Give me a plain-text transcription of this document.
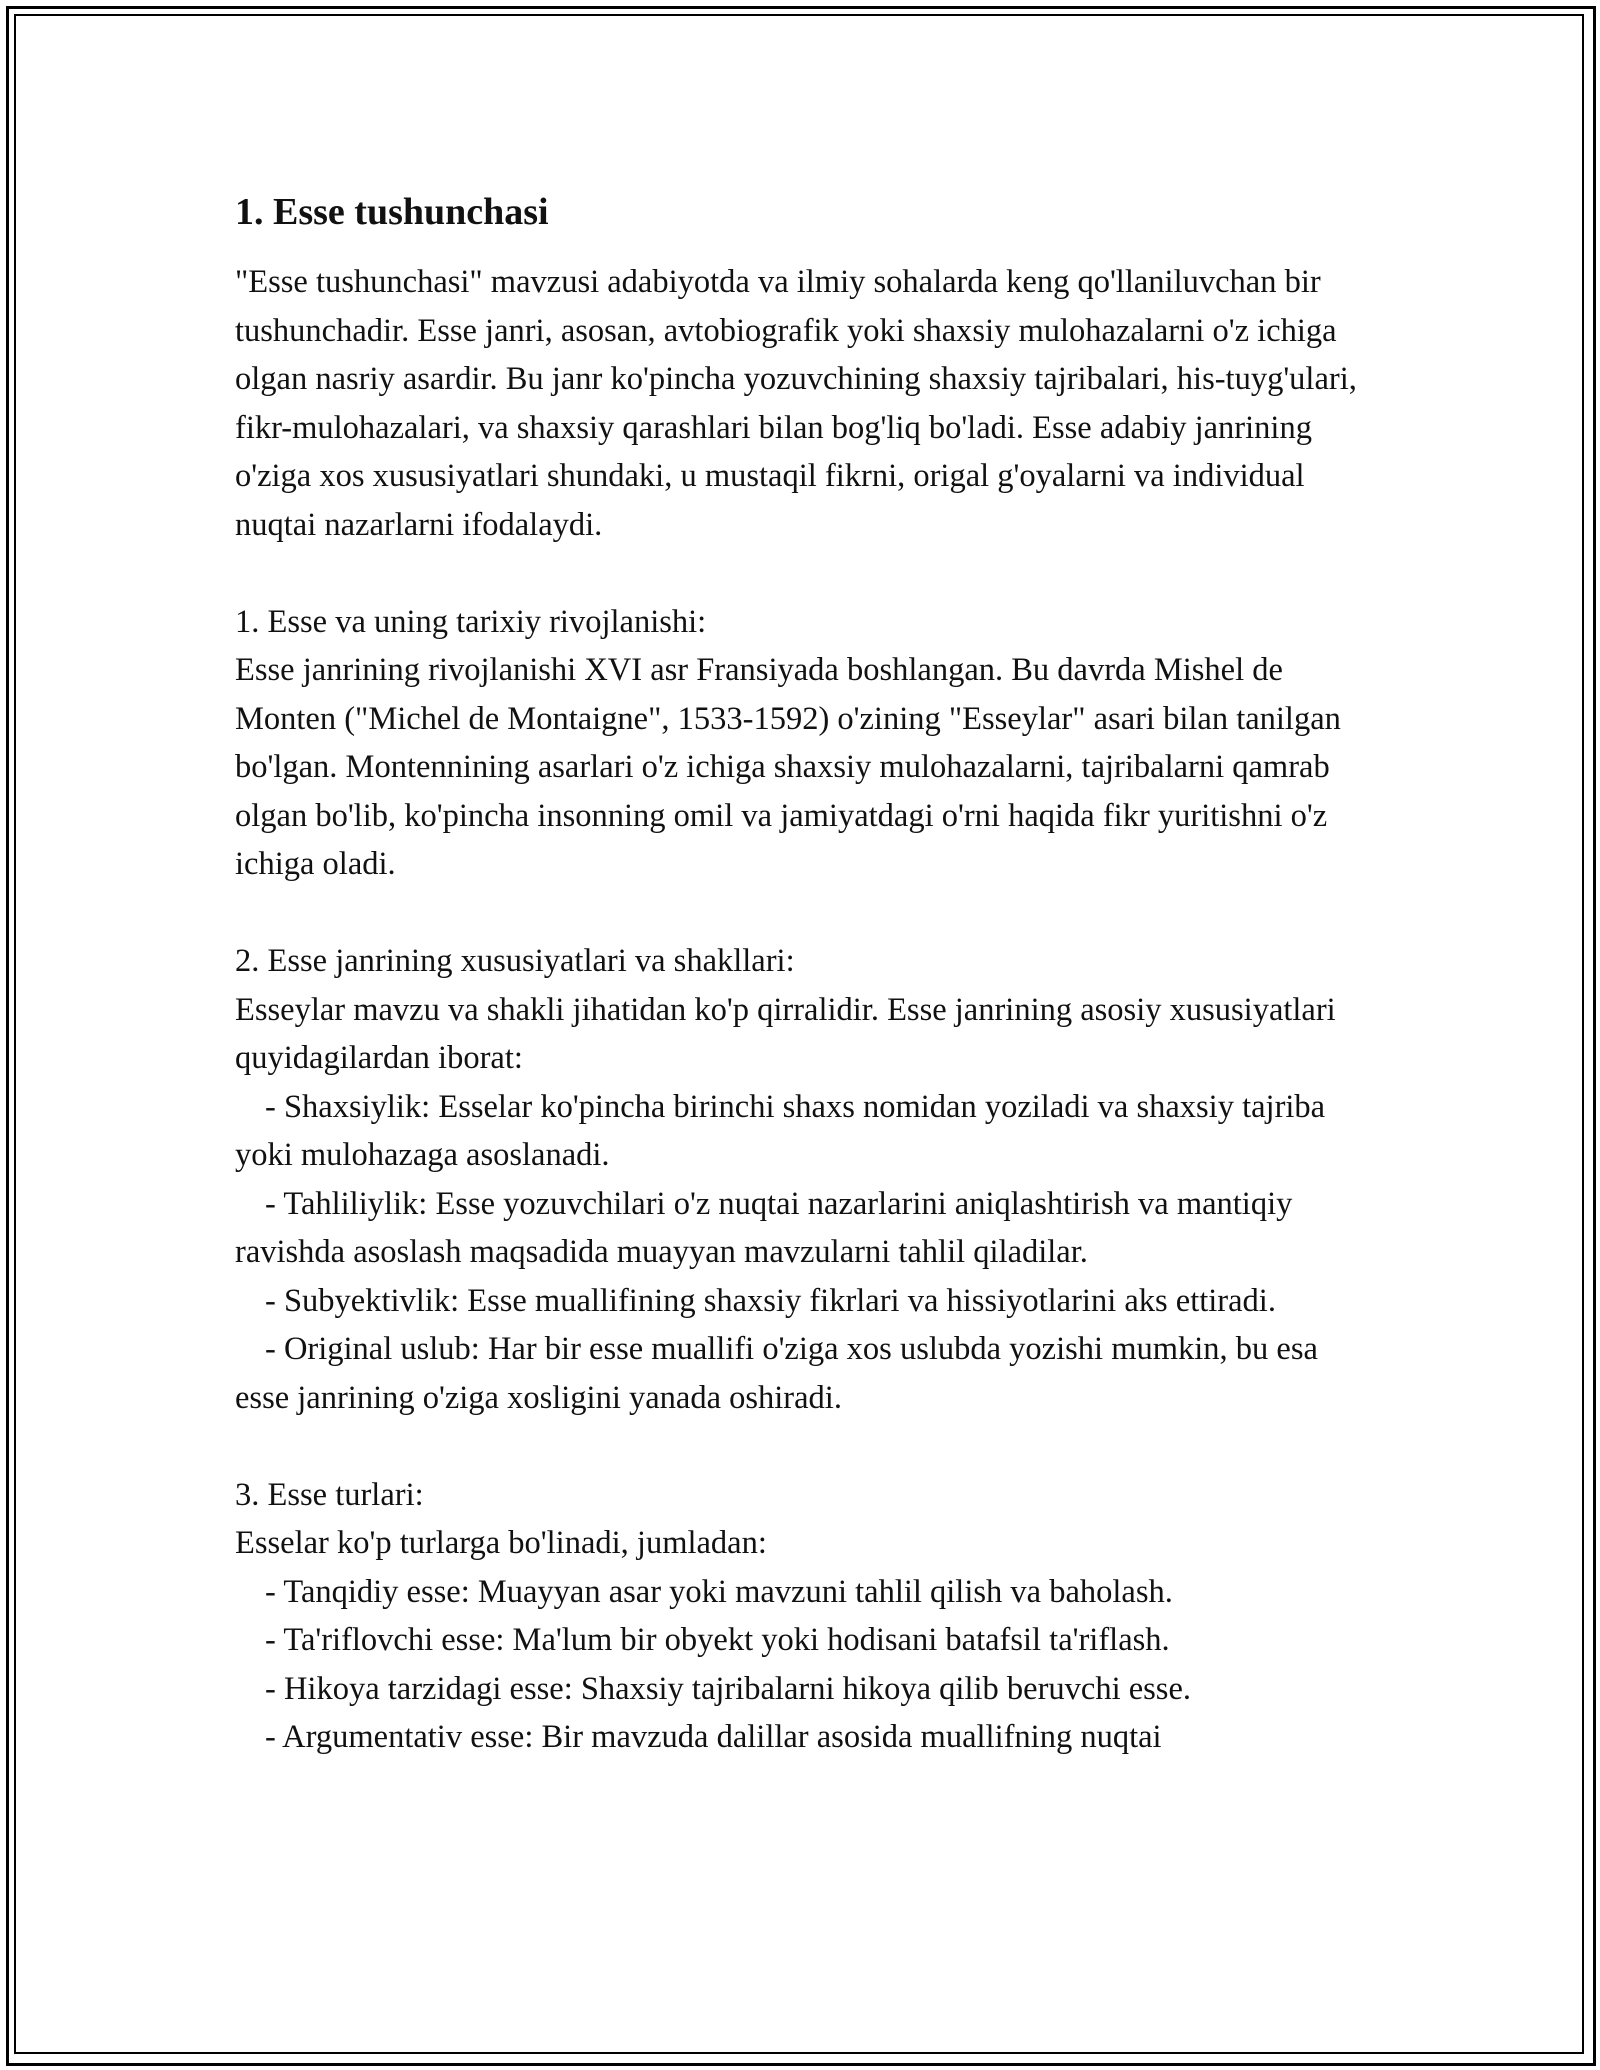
1. Esse tushunchasi

"Esse tushunchasi" mavzusi adabiyotda va ilmiy sohalarda keng qo'llaniluvchan bir tushunchadir. Esse janri, asosan, avtobiografik yoki shaxsiy mulohazalarni o'z ichiga olgan nasriy asardir. Bu janr ko'pincha yozuvchining shaxsiy tajribalari, his-tuyg'ulari, fikr-mulohazalari, va shaxsiy qarashlari bilan bog'liq bo'ladi. Esse adabiy janrining o'ziga xos xususiyatlari shundaki, u mustaqil fikrni, origal g'oyalarni va individual nuqtai nazarlarni ifodalaydi.

1. Esse va uning tarixiy rivojlanishi:

Esse janrining rivojlanishi XVI asr Fransiyada boshlangan. Bu davrda Mishel de Monten ("Michel de Montaigne", 1533-1592) o'zining "Esseylar" asari bilan tanilgan bo'lgan. Montennining asarlari o'z ichiga shaxsiy mulohazalarni, tajribalarni qamrab olgan bo'lib, ko'pincha insonning omil va jamiyatdagi o'rni haqida fikr yuritishni o'z ichiga oladi.

2. Esse janrining xususiyatlari va shakllari:

Esseylar mavzu va shakli jihatidan ko'p qirralidir. Esse janrining asosiy xususiyatlari quyidagilardan iborat:

- Shaxsiylik: Esselar ko'pincha birinchi shaxs nomidan yoziladi va shaxsiy tajriba yoki mulohazaga asoslanadi.

- Tahliliylik: Esse yozuvchilari o'z nuqtai nazarlarini aniqlashtirish va mantiqiy ravishda asoslash maqsadida muayyan mavzularni tahlil qiladilar.

- Subyektivlik: Esse muallifining shaxsiy fikrlari va hissiyotlarini aks ettiradi.

- Original uslub: Har bir esse muallifi o'ziga xos uslubda yozishi mumkin, bu esa esse janrining o'ziga xosligini yanada oshiradi.

3. Esse turlari:

Esselar ko'p turlarga bo'linadi, jumladan:

- Tanqidiy esse: Muayyan asar yoki mavzuni tahlil qilish va baholash.

- Ta'riflovchi esse: Ma'lum bir obyekt yoki hodisani batafsil ta'riflash.

- Hikoya tarzidagi esse: Shaxsiy tajribalarni hikoya qilib beruvchi esse.

- Argumentativ esse: Bir mavzuda dalillar asosida muallifning nuqtai
